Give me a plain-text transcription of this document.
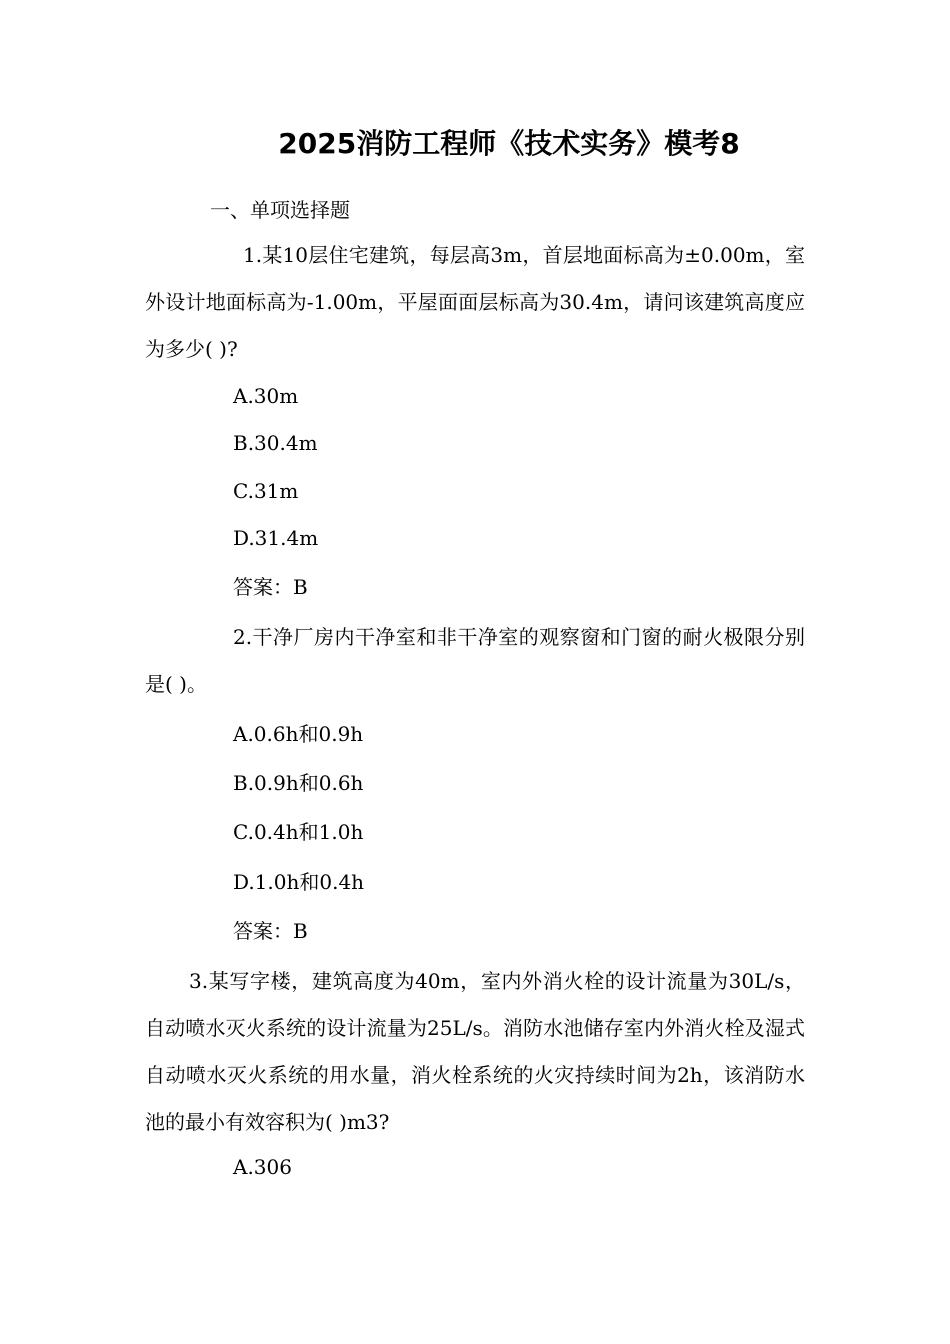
2025消防工程师《技术实务》模考8
一、单项选择题
1.某10层住宅建筑，每层高3m，首层地面标高为±0.00m，室外设计地面标高为-1.00m，平屋面面层标高为30.4m，请问该建筑高度应为多少( )?
A.30m
B.30.4m
C.31m
D.31.4m
答案：B
2.干净厂房内干净室和非干净室的观察窗和门窗的耐火极限分别是( )。
A.0.6h和0.9h
B.0.9h和0.6h
C.0.4h和1.0h
D.1.0h和0.4h
答案：B
3.某写字楼，建筑高度为40m，室内外消火栓的设计流量为30L/s，自动喷水灭火系统的设计流量为25L/s。消防水池储存室内外消火栓及湿式自动喷水灭火系统的用水量，消火栓系统的火灾持续时间为2h，该消防水池的最小有效容积为( )m3?
A.306
